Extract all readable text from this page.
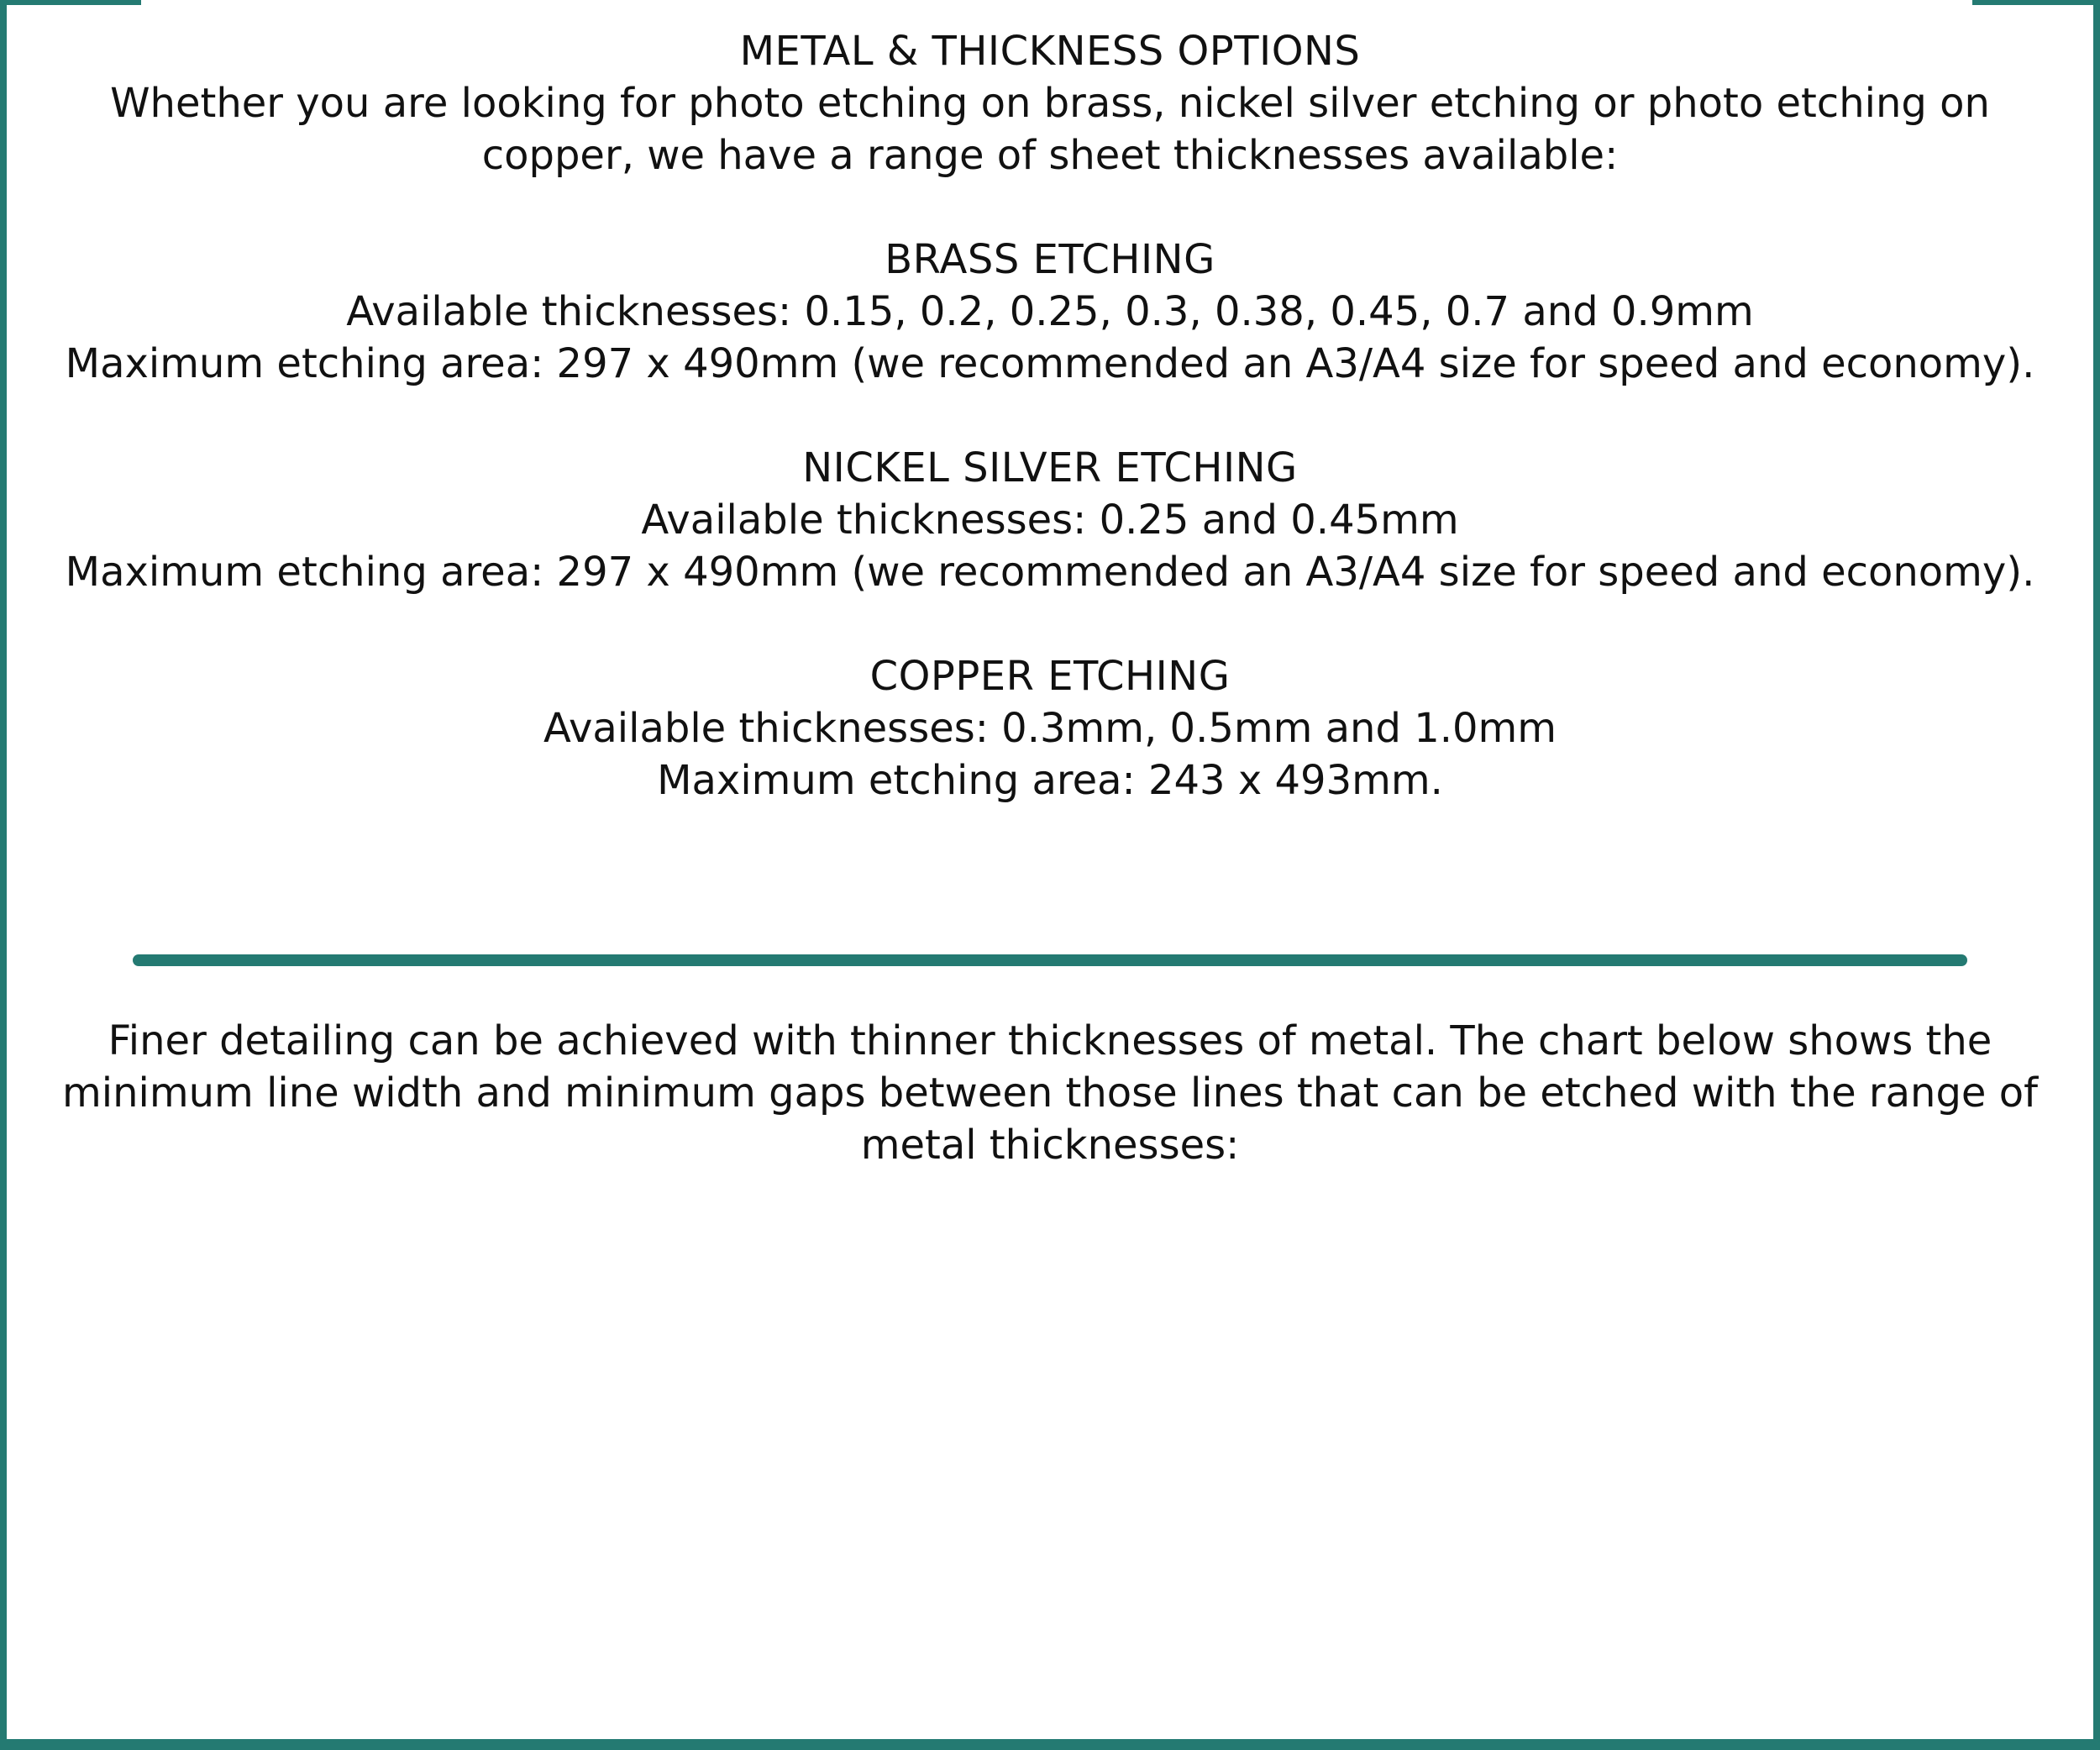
METAL & THICKNESS OPTIONS

Whether you are looking for photo etching on brass, nickel silver etching or photo etching on copper, we have a range of sheet thicknesses available:

BRASS ETCHING

Available thicknesses: 0.15, 0.2, 0.25, 0.3, 0.38, 0.45, 0.7 and 0.9mm

Maximum etching area: 297 x 490mm (we recommended an A3/A4 size for speed and economy).

NICKEL SILVER ETCHING

Available thicknesses: 0.25 and 0.45mm

Maximum etching area: 297 x 490mm (we recommended an A3/A4 size for speed and economy).

COPPER ETCHING

Available thicknesses: 0.3mm, 0.5mm and 1.0mm

Maximum etching area: 243 x 493mm.

Finer detailing can be achieved with thinner thicknesses of metal. The chart below shows the minimum line width and minimum gaps between those lines that can be etched with the range of metal thicknesses:
